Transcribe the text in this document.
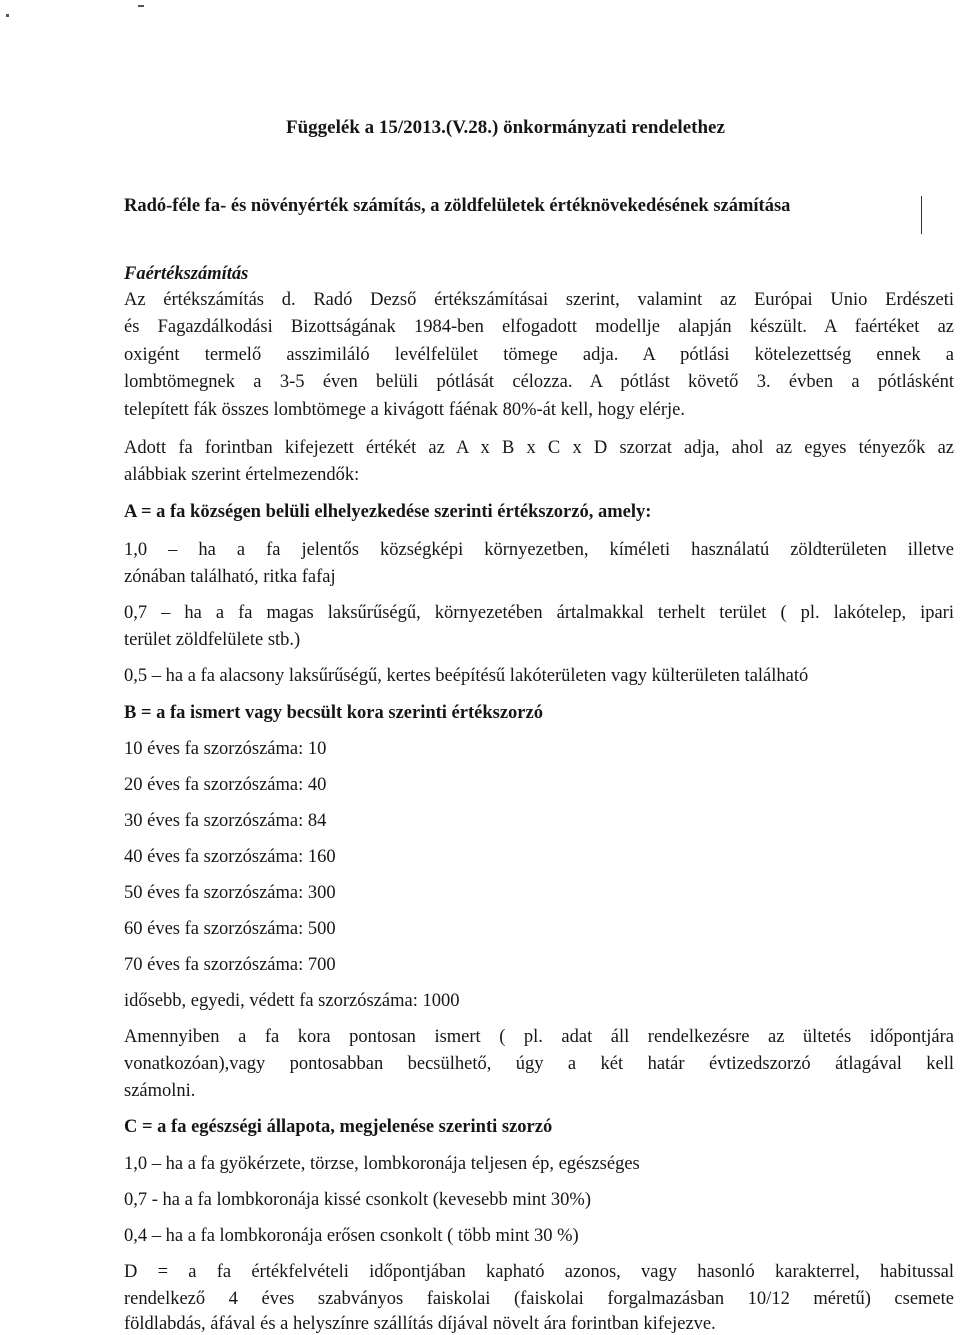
Függelék a 15/2013.(V.28.) önkormányzati rendelethez
Radó-féle fa- és növényérték számítás, a zöldfelületek értéknövekedésének számítása
Faértékszámítás
Az értékszámítás d. Radó Dezső értékszámításai szerint, valamint az Európai Unio Erdészeti
és Fagazdálkodási Bizottságának 1984-ben elfogadott modellje alapján készült. A faértéket az
oxigént termelő asszimiláló levélfelület tömege adja. A pótlási kötelezettség ennek a
lombtömegnek a 3-5 éven belüli pótlását célozza. A pótlást követő 3. évben a pótlásként
telepített fák összes lombtömege a kivágott fáénak 80%-át kell, hogy elérje.
Adott fa forintban kifejezett értékét az A x B x C x D szorzat adja, ahol az egyes tényezők az
alábbiak szerint értelmezendők:
A = a fa községen belüli elhelyezkedése szerinti értékszorzó, amely:
1,0 – ha a fa jelentős községképi környezetben, kíméleti használatú zöldterületen illetve
zónában található, ritka fafaj
0,7 – ha a fa magas laksűrűségű, környezetében ártalmakkal terhelt terület ( pl. lakótelep, ipari
terület zöldfelülete stb.)
0,5 – ha a fa alacsony laksűrűségű, kertes beépítésű lakóterületen vagy külterületen található
B = a fa ismert vagy becsült kora szerinti értékszorzó
10 éves fa szorzószáma: 10
20 éves fa szorzószáma: 40
30 éves fa szorzószáma: 84
40 éves fa szorzószáma: 160
50 éves fa szorzószáma: 300
60 éves fa szorzószáma: 500
70 éves fa szorzószáma: 700
idősebb, egyedi, védett fa szorzószáma: 1000
Amennyiben a fa kora pontosan ismert ( pl. adat áll rendelkezésre az ültetés időpontjára
vonatkozóan),vagy pontosabban becsülhető, úgy a két határ évtizedszorzó átlagával kell
számolni.
C = a fa egészségi állapota, megjelenése szerinti szorzó
1,0 – ha a fa gyökérzete, törzse, lombkoronája teljesen ép, egészséges
0,7 - ha a fa lombkoronája kissé csonkolt (kevesebb mint 30%)
0,4 – ha a fa lombkoronája erősen csonkolt ( több mint 30 %)
D = a fa értékfelvételi időpontjában kapható azonos, vagy hasonló karakterrel, habitussal
rendelkező 4 éves szabványos faiskolai (faiskolai forgalmazásban 10/12 méretű) csemete
földlabdás, áfával és a helyszínre szállítás díjával növelt ára forintban kifejezve.
